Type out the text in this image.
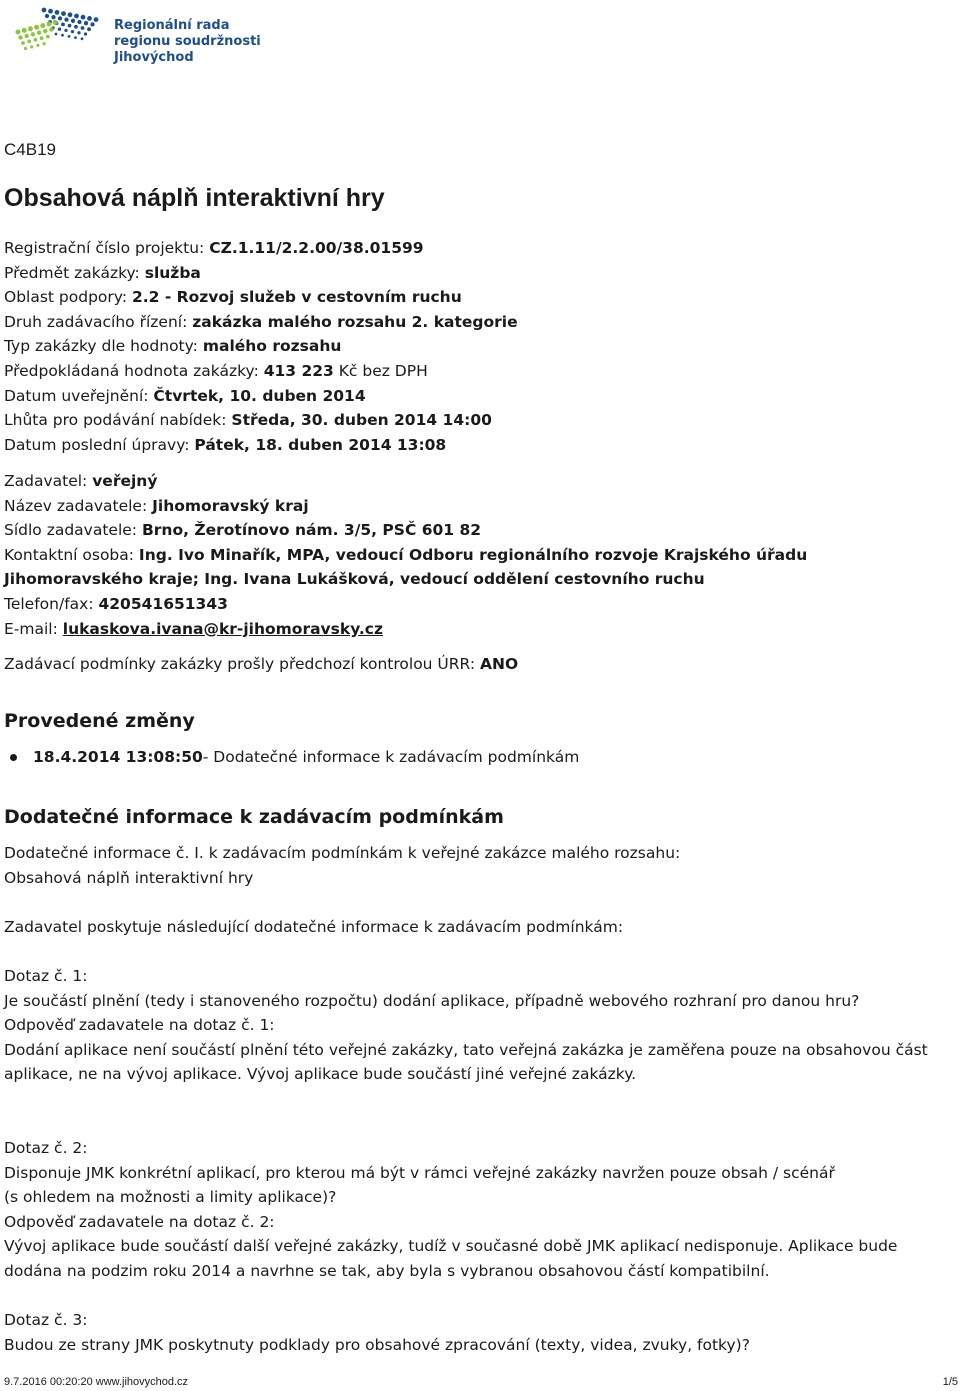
Regionální rada
regionu soudržnosti
Jihovýchod
C4B19
Obsahová náplň interaktivní hry
Registrační číslo projektu: CZ.1.11/2.2.00/38.01599
Předmět zakázky: služba
Oblast podpory: 2.2 - Rozvoj služeb v cestovním ruchu
Druh zadávacího řízení: zakázka malého rozsahu 2. kategorie
Typ zakázky dle hodnoty: malého rozsahu
Předpokládaná hodnota zakázky: 413 223 Kč bez DPH
Datum uveřejnění: Čtvrtek, 10. duben 2014
Lhůta pro podávání nabídek: Středa, 30. duben 2014 14:00
Datum poslední úpravy: Pátek, 18. duben 2014 13:08
Zadavatel: veřejný
Název zadavatele: Jihomoravský kraj
Sídlo zadavatele: Brno, Žerotínovo nám. 3/5, PSČ 601 82
Kontaktní osoba: Ing. Ivo Minařík, MPA, vedoucí Odboru regionálního rozvoje Krajského úřadu
Jihomoravského kraje; Ing. Ivana Lukášková, vedoucí oddělení cestovního ruchu
Telefon/fax: 420541651343
E-mail: lukaskova.ivana@kr-jihomoravsky.cz
Zadávací podmínky zakázky prošly předchozí kontrolou ÚRR: ANO
Provedené změny
18.4.2014 13:08:50 - Dodatečné informace k zadávacím podmínkám
Dodatečné informace k zadávacím podmínkám
Dodatečné informace č. I. k zadávacím podmínkám k veřejné zakázce malého rozsahu:
Obsahová náplň interaktivní hry
Zadavatel poskytuje následující dodatečné informace k zadávacím podmínkám:
Dotaz č. 1:
Je součástí plnění (tedy i stanoveného rozpočtu) dodání aplikace, případně webového rozhraní pro danou hru?
Odpověď zadavatele na dotaz č. 1:
Dodání aplikace není součástí plnění této veřejné zakázky, tato veřejná zakázka je zaměřena pouze na obsahovou část aplikace, ne na vývoj aplikace. Vývoj aplikace bude součástí jiné veřejné zakázky.
Dotaz č. 2:
Disponuje JMK konkrétní aplikací, pro kterou má být v rámci veřejné zakázky navržen pouze obsah / scénář
(s ohledem na možnosti a limity aplikace)?
Odpověď zadavatele na dotaz č. 2:
Vývoj aplikace bude součástí další veřejné zakázky, tudíž v současné době JMK aplikací nedisponuje. Aplikace bude dodána na podzim roku 2014 a navrhne se tak, aby byla s vybranou obsahovou částí kompatibilní.
Dotaz č. 3:
Budou ze strany JMK poskytnuty podklady pro obsahové zpracování (texty, videa, zvuky, fotky)?
9.7.2016 00:20:20 www.jihovychod.cz	1/5
